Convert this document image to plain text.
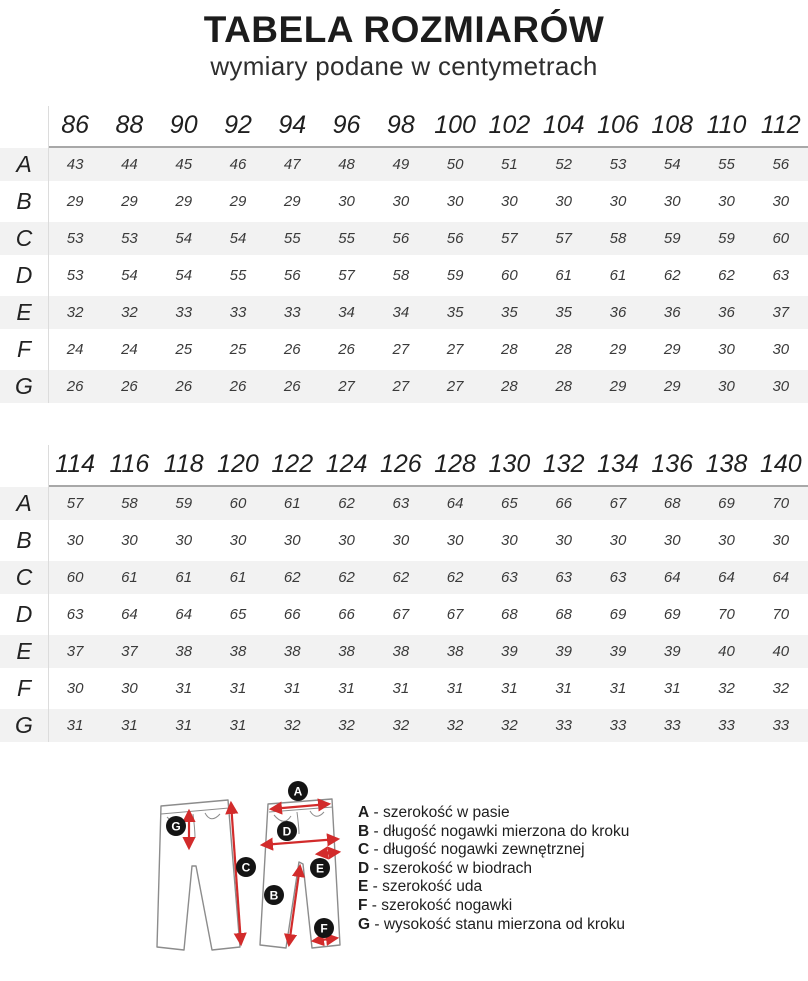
TABELA ROZMIARÓW
wymiary podane w centymetrach
86	88	90	92	94	96	98 100 102 104 106 108 110 112
A	43	44	45	46	47	48	49	50	51	52	53	54	55	56
B	29	29	29	29	29	30	30	30	30	30	30	30	30	30
C	53	53	54	54	55	55	56	56	57	57	58	59	59	60
D	53	54	54	55	56	57	58	59	60	61	61	62	62	63
E	32	32	33	33	33	34	34	35	35	35	36	36	36	37
F	24	24	25	25	26	26	27	27	28	28	29	29	30	30
G	26	26	26	26	26	27	27	27	28	28	29	29	30	30
114 116 118 120 122 124 126 128 130 132 134 136 138 140
A	57	58	59	60	61	62	63	64	65	66	67	68	69	70
B	30	30	30	30	30	30	30	30	30	30	30	30	30	30
C	60	61	61	61	62	62	62	62	63	63	63	64	64	64
D	63	64	64	65	66	66	67	67	68	68	69	69	70	70
E	37	37	38	38	38	38	38	38	39	39	39	39	40	40
F	30	30	31	31	31	31	31	31	31	31	31	31	32	32
G	31	31	31	31	32	32	32	32	32	33	33	33	33	33
A
G	D
C	E
B
F
A - szerokość w pasie
B - długość nogawki mierzona do kroku
C - długość nogawki zewnętrznej
D - szerokość w biodrach
E - szerokość uda
F - szerokość nogawki
G - wysokość stanu mierzona od kroku
